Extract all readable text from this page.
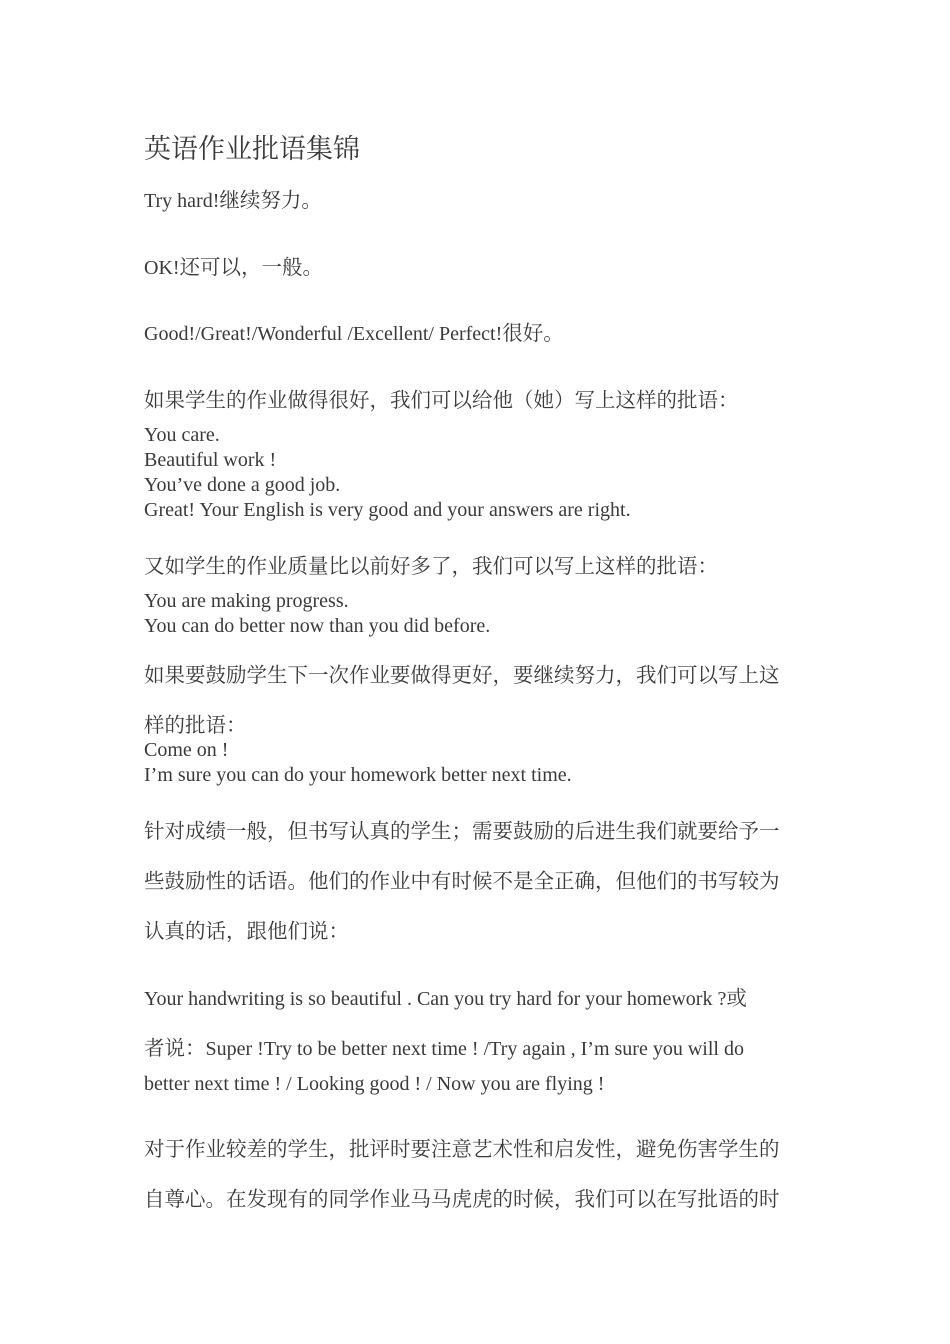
英语作业批语集锦
Try hard!继续努力。
OK!还可以，一般。
Good!/Great!/Wonderful /Excellent/ Perfect!很好。
如果学生的作业做得很好，我们可以给他（她）写上这样的批语：
You care.
Beautiful work !
You’ve done a good job.
Great! Your English is very good and your answers are right.
又如学生的作业质量比以前好多了，我们可以写上这样的批语：
You are making progress.
You can do better now than you did before.
如果要鼓励学生下一次作业要做得更好，要继续努力，我们可以写上这
样的批语：
Come on !
I’m sure you can do your homework better next time.
针对成绩一般，但书写认真的学生；需要鼓励的后进生我们就要给予一
些鼓励性的话语。他们的作业中有时候不是全正确，但他们的书写较为
认真的话，跟他们说：
Your handwriting is so beautiful . Can you try hard for your homework ?或
者说：Super !Try to be better next time ! /Try again , I’m sure you will do
better next time ! / Looking good ! / Now you are flying !
对于作业较差的学生，批评时要注意艺术性和启发性，避免伤害学生的
自尊心。在发现有的同学作业马马虎虎的时候，我们可以在写批语的时
